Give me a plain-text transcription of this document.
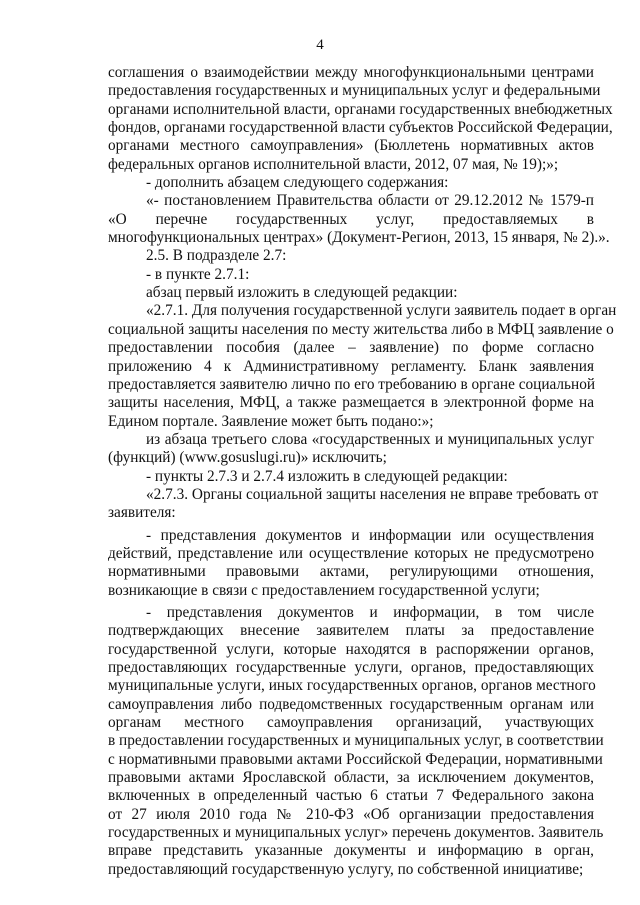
4
соглашения о взаимодействии между многофункциональными центрами
предоставления государственных и муниципальных услуг и федеральными
органами исполнительной власти, органами государственных внебюджетных
фондов, органами государственной власти субъектов Российской Федерации,
органами местного самоуправления» (Бюллетень нормативных актов
федеральных органов исполнительной власти, 2012, 07 мая, № 19);»;
- дополнить абзацем следующего содержания:
«- постановлением Правительства области от 29.12.2012 № 1579-п
«О перечне государственных услуг, предоставляемых в
многофункциональных центрах» (Документ-Регион, 2013, 15 января, № 2).».
2.5. В подразделе 2.7:
- в пункте 2.7.1:
абзац первый изложить в следующей редакции:
«2.7.1. Для получения государственной услуги заявитель подает в орган
социальной защиты населения по месту жительства либо в МФЦ заявление о
предоставлении пособия (далее – заявление) по форме согласно
приложению 4 к Административному регламенту. Бланк заявления
предоставляется заявителю лично по его требованию в органе социальной
защиты населения, МФЦ, а также размещается в электронной форме на
Едином портале. Заявление может быть подано:»;
из абзаца третьего слова «государственных и муниципальных услуг
(функций) (www.gosuslugi.ru)» исключить;
- пункты 2.7.3 и 2.7.4 изложить в следующей редакции:
«2.7.3. Органы социальной защиты населения не вправе требовать от
заявителя:
- представления документов и информации или осуществления
действий, представление или осуществление которых не предусмотрено
нормативными правовыми актами, регулирующими отношения,
возникающие в связи с предоставлением государственной услуги;
- представления документов и информации, в том числе
подтверждающих внесение заявителем платы за предоставление
государственной услуги, которые находятся в распоряжении органов,
предоставляющих государственные услуги, органов, предоставляющих
муниципальные услуги, иных государственных органов, органов местного
самоуправления либо подведомственных государственным органам или
органам местного самоуправления организаций, участвующих
в предоставлении государственных и муниципальных услуг, в соответствии
с нормативными правовыми актами Российской Федерации, нормативными
правовыми актами Ярославской области, за исключением документов,
включенных в определенный частью 6 статьи 7 Федерального закона
от 27 июля 2010 года № 210-ФЗ «Об организации предоставления
государственных и муниципальных услуг» перечень документов. Заявитель
вправе представить указанные документы и информацию в орган,
предоставляющий государственную услугу, по собственной инициативе;
